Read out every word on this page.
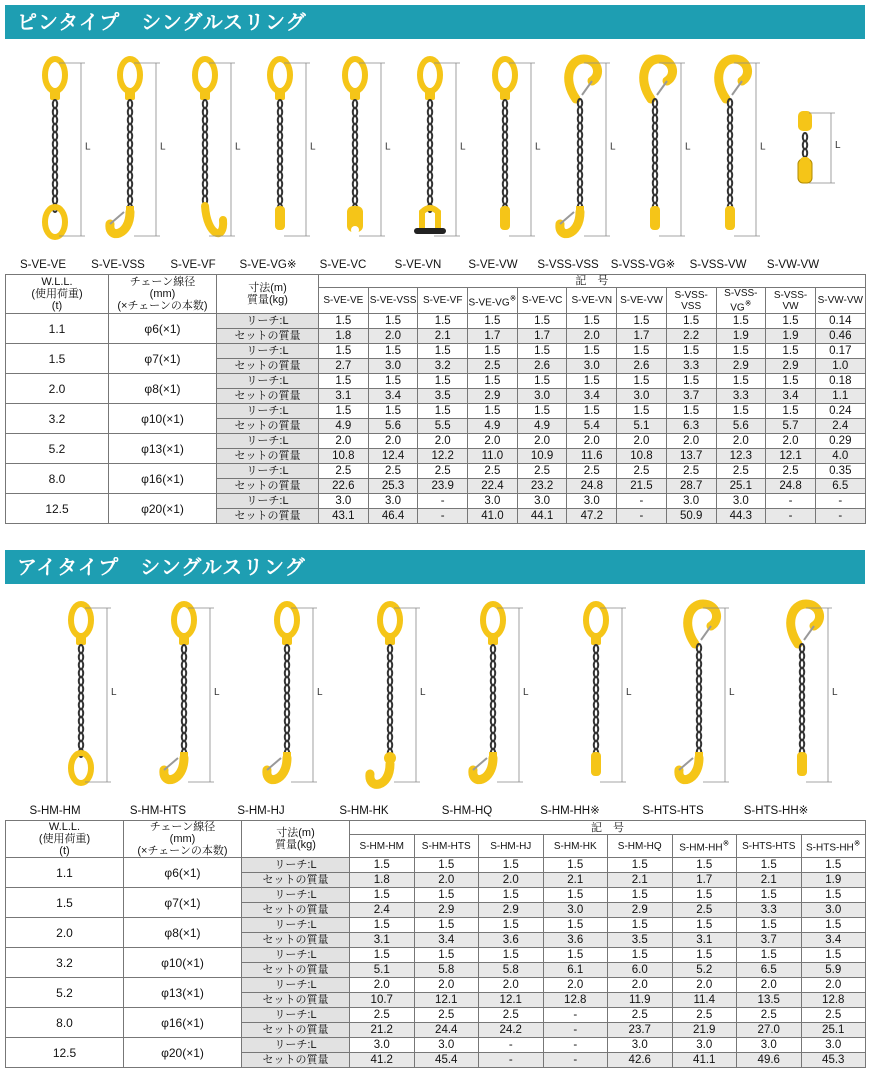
ピンタイプ　シングルスリング
L
S-VE-VE
L
S-VE-VSS
L
S-VE-VF
L
S-VE-VG※
L
S-VE-VC
L
S-VE-VN
L
S-VE-VW
L
S-VSS-VSS
L
S-VSS-VG※
L
S-VSS-VW
L
S-VW-VW
W.L.L.
(使用荷重)
(t)	チェーン線径
(mm)
(×チェーンの本数)	寸法(m)
質量(kg)	記　号										
			S-VE-VE	S-VE-VSS	S-VE-VF	S-VE-VG※	S-VE-VC	S-VE-VN	S-VE-VW	S-VSS-VSS	S-VSS-VG※	S-VSS-VW	S-VW-VW
1.1	φ6(×1)	リーチ:L	1.5	1.5	1.5	1.5	1.5	1.5	1.5	1.5	1.5	1.5	0.14
		セットの質量	1.8	2.0	2.1	1.7	1.7	2.0	1.7	2.2	1.9	1.9	0.46
1.5	φ7(×1)	リーチ:L	1.5	1.5	1.5	1.5	1.5	1.5	1.5	1.5	1.5	1.5	0.17
		セットの質量	2.7	3.0	3.2	2.5	2.6	3.0	2.6	3.3	2.9	2.9	1.0
2.0	φ8(×1)	リーチ:L	1.5	1.5	1.5	1.5	1.5	1.5	1.5	1.5	1.5	1.5	0.18
		セットの質量	3.1	3.4	3.5	2.9	3.0	3.4	3.0	3.7	3.3	3.4	1.1
3.2	φ10(×1)	リーチ:L	1.5	1.5	1.5	1.5	1.5	1.5	1.5	1.5	1.5	1.5	0.24
		セットの質量	4.9	5.6	5.5	4.9	4.9	5.4	5.1	6.3	5.6	5.7	2.4
5.2	φ13(×1)	リーチ:L	2.0	2.0	2.0	2.0	2.0	2.0	2.0	2.0	2.0	2.0	0.29
		セットの質量	10.8	12.4	12.2	11.0	10.9	11.6	10.8	13.7	12.3	12.1	4.0
8.0	φ16(×1)	リーチ:L	2.5	2.5	2.5	2.5	2.5	2.5	2.5	2.5	2.5	2.5	0.35
		セットの質量	22.6	25.3	23.9	22.4	23.2	24.8	21.5	28.7	25.1	24.8	6.5
12.5	φ20(×1)	リーチ:L	3.0	3.0	-	3.0	3.0	3.0	-	3.0	3.0	-	-
		セットの質量	43.1	46.4	-	41.0	44.1	47.2	-	50.9	44.3	-	-
アイタイプ　シングルスリング
L
S-HM-HM
L
S-HM-HTS
L
S-HM-HJ
L
S-HM-HK
L
S-HM-HQ
L
S-HM-HH※
L
S-HTS-HTS
L
S-HTS-HH※
W.L.L.
(使用荷重)
(t)	チェーン線径
(mm)
(×チェーンの本数)	寸法(m)
質量(kg)	記　号							
			S-HM-HM	S-HM-HTS	S-HM-HJ	S-HM-HK	S-HM-HQ	S-HM-HH※	S-HTS-HTS	S-HTS-HH※
1.1	φ6(×1)	リーチ:L	1.5	1.5	1.5	1.5	1.5	1.5	1.5	1.5
		セットの質量	1.8	2.0	2.0	2.1	2.1	1.7	2.1	1.9
1.5	φ7(×1)	リーチ:L	1.5	1.5	1.5	1.5	1.5	1.5	1.5	1.5
		セットの質量	2.4	2.9	2.9	3.0	2.9	2.5	3.3	3.0
2.0	φ8(×1)	リーチ:L	1.5	1.5	1.5	1.5	1.5	1.5	1.5	1.5
		セットの質量	3.1	3.4	3.6	3.6	3.5	3.1	3.7	3.4
3.2	φ10(×1)	リーチ:L	1.5	1.5	1.5	1.5	1.5	1.5	1.5	1.5
		セットの質量	5.1	5.8	5.8	6.1	6.0	5.2	6.5	5.9
5.2	φ13(×1)	リーチ:L	2.0	2.0	2.0	2.0	2.0	2.0	2.0	2.0
		セットの質量	10.7	12.1	12.1	12.8	11.9	11.4	13.5	12.8
8.0	φ16(×1)	リーチ:L	2.5	2.5	2.5	-	2.5	2.5	2.5	2.5
		セットの質量	21.2	24.4	24.2	-	23.7	21.9	27.0	25.1
12.5	φ20(×1)	リーチ:L	3.0	3.0	-	-	3.0	3.0	3.0	3.0
		セットの質量	41.2	45.4	-	-	42.6	41.1	49.6	45.3
